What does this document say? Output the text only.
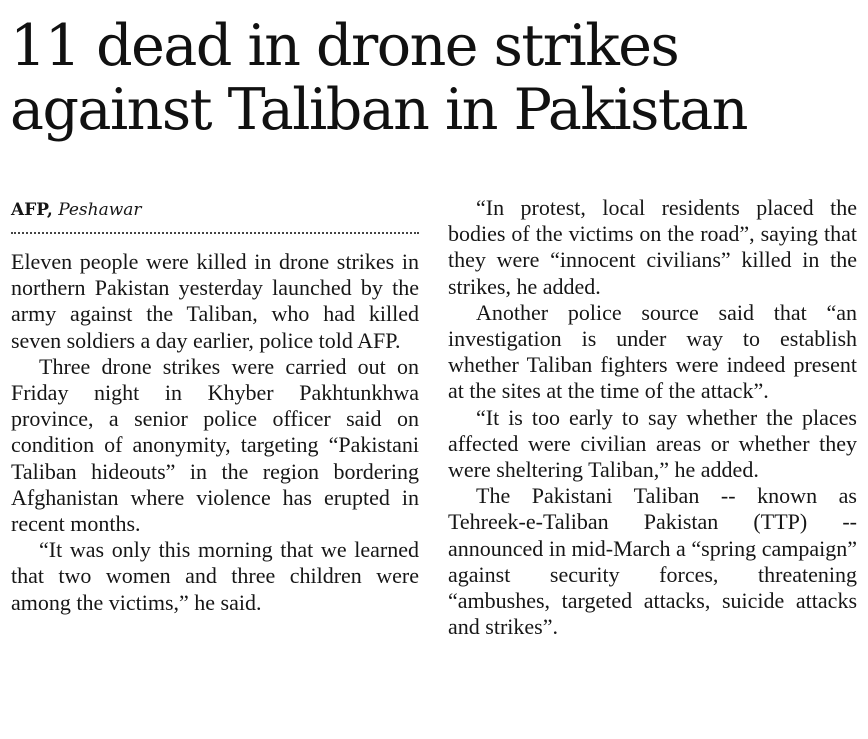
11 dead in drone strikes
against Taliban in Pakistan
AFP, Peshawar

Eleven people were killed in drone strikes in northern Pakistan yesterday launched by the army against the Taliban, who had killed seven soldiers a day earlier, police told AFP.

Three drone strikes were carried out on Friday night in Khyber Pakhtunkhwa province, a senior police officer said on condition of anonymity, targeting “Pakistani Taliban hideouts” in the region bordering Afghanistan where violence has erupted in recent months.

“It was only this morning that we learned that two women and three children were among the victims,” he said.

“In protest, local residents placed the bodies of the victims on the road”, saying that they were “innocent civilians” killed in the strikes, he added.

Another police source said that “an investigation is under way to establish whether Taliban fighters were indeed present at the sites at the time of the attack”.

“It is too early to say whether the places affected were civilian areas or whether they were sheltering Taliban,” he added.

The Pakistani Taliban -- known as Tehreek-e-Taliban Pakistan (TTP) -- announced in mid-March a “spring campaign” against security forces, threatening “ambushes, targeted attacks, suicide attacks and strikes”.
